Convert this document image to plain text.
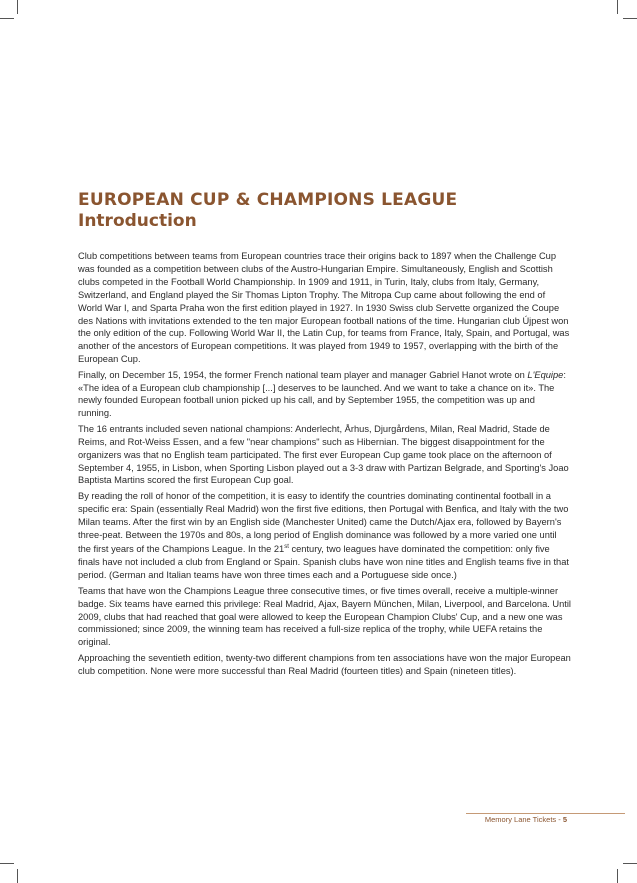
EUROPEAN CUP & CHAMPIONS LEAGUE
Introduction

Club competitions between teams from European countries trace their origins back to 1897 when the Challenge Cup was founded as a competition between clubs of the Austro-Hungarian Empire. Simultaneously, English and Scottish clubs competed in the Football World Championship. In 1909 and 1911, in Turin, Italy, clubs from Italy, Germany, Switzerland, and England played the Sir Thomas Lipton Trophy. The Mitropa Cup came about following the end of World War I, and Sparta Praha won the first edition played in 1927. In 1930 Swiss club Servette organized the Coupe des Nations with invitations extended to the ten major European football nations of the time. Hungarian club Újpest won the only edition of the cup. Following World War II, the Latin Cup, for teams from France, Italy, Spain, and Portugal, was another of the ancestors of European competitions. It was played from 1949 to 1957, overlapping with the birth of the European Cup.

Finally, on December 15, 1954, the former French national team player and manager Gabriel Hanot wrote on L'Equipe: «The idea of a European club championship [...] deserves to be launched. And we want to take a chance on it». The newly founded European football union picked up his call, and by September 1955, the competition was up and running.

The 16 entrants included seven national champions: Anderlecht, Århus, Djurgårdens, Milan, Real Madrid, Stade de Reims, and Rot-Weiss Essen, and a few "near champions" such as Hibernian. The biggest disappointment for the organizers was that no English team participated. The first ever European Cup game took place on the afternoon of September 4, 1955, in Lisbon, when Sporting Lisbon played out a 3-3 draw with Partizan Belgrade, and Sporting's Joao Baptista Martins scored the first European Cup goal.

By reading the roll of honor of the competition, it is easy to identify the countries dominating continental football in a specific era: Spain (essentially Real Madrid) won the first five editions, then Portugal with Benfica, and Italy with the two Milan teams. After the first win by an English side (Manchester United) came the Dutch/Ajax era, followed by Bayern's three-peat. Between the 1970s and 80s, a long period of English dominance was followed by a more varied one until the first years of the Champions League. In the 21st century, two leagues have dominated the competition: only five finals have not included a club from England or Spain. Spanish clubs have won nine titles and English teams five in that period. (German and Italian teams have won three times each and a Portuguese side once.)

Teams that have won the Champions League three consecutive times, or five times overall, receive a multiple-winner badge. Six teams have earned this privilege: Real Madrid, Ajax, Bayern München, Milan, Liverpool, and Barcelona. Until 2009, clubs that had reached that goal were allowed to keep the European Champion Clubs' Cup, and a new one was commissioned; since 2009, the winning team has received a full-size replica of the trophy, while UEFA retains the original.

Approaching the seventieth edition, twenty-two different champions from ten associations have won the major European club competition. None were more successful than Real Madrid (fourteen titles) and Spain (nineteen titles).

Memory Lane Tickets - 5
